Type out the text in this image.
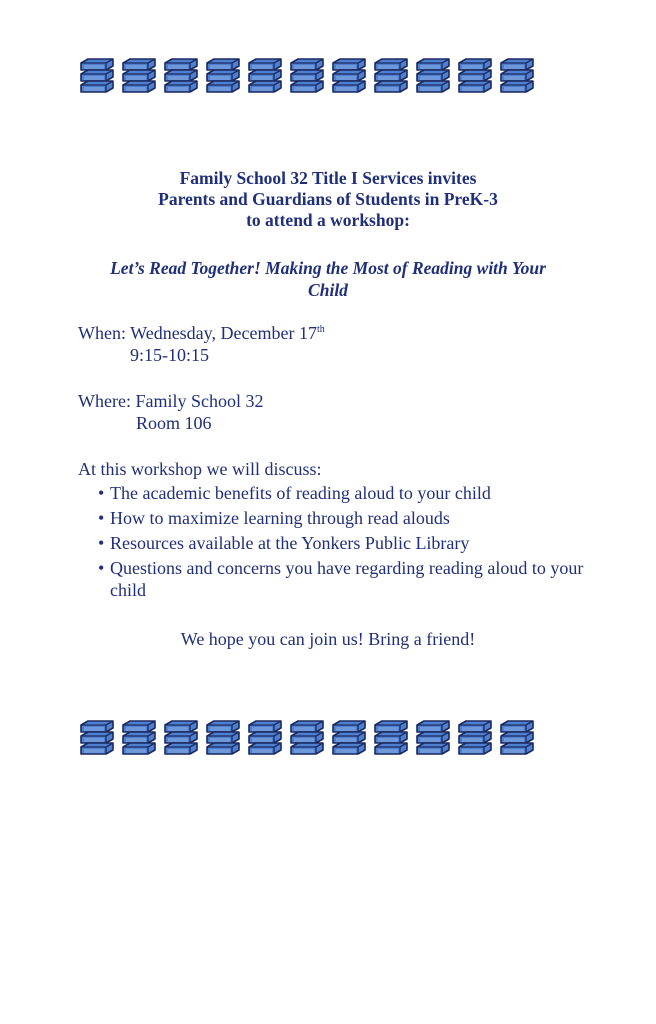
Family School 32 Title I Services invites
Parents and Guardians of Students in PreK-3
to attend a workshop:
Let’s Read Together! Making the Most of Reading with Your
Child
When: Wednesday, December 17th
9:15-10:15
Where: Family School 32
Room 106
At this workshop we will discuss:
• The academic benefits of reading aloud to your child
• How to maximize learning through read alouds
• Resources available at the Yonkers Public Library
• Questions and concerns you have regarding reading aloud to your child
We hope you can join us! Bring a friend!
